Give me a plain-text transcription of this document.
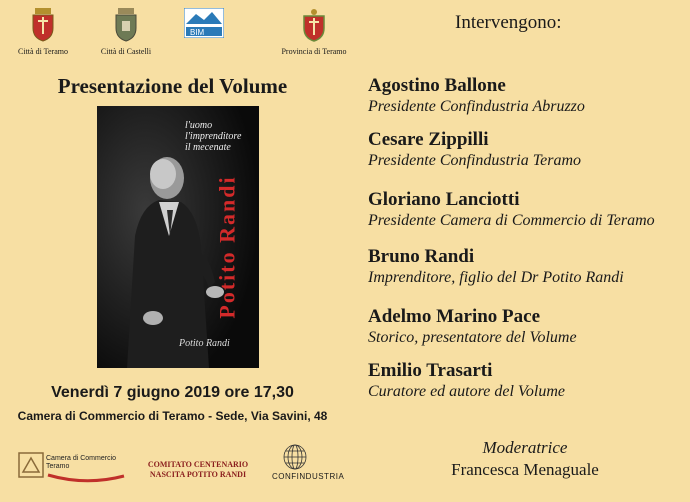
Città di Teramo	Città di Castelli
BIM
Provincia di Teramo
Presentazione del Volume
l'uomo
l'imprenditore
il mecenate
Potito Randi
Potito Randi
Venerdì 7 giugno 2019 ore 17,30
Camera di Commercio di Teramo - Sede, Via Savini, 48
Camera di Commercio
Teramo	COMITATO CENTENARIO
NASCITA POTITO RANDI	CONFINDUSTRIA
Intervengono:
Agostino Ballone
Presidente Confindustria Abruzzo
Cesare Zippilli
Presidente Confindustria Teramo
Gloriano Lanciotti
Presidente Camera di Commercio di Teramo
Bruno Randi
Imprenditore, figlio del Dr Potito Randi
Adelmo Marino Pace
Storico, presentatore del Volume
Emilio Trasarti
Curatore ed autore del Volume
Moderatrice
Francesca Menaguale
